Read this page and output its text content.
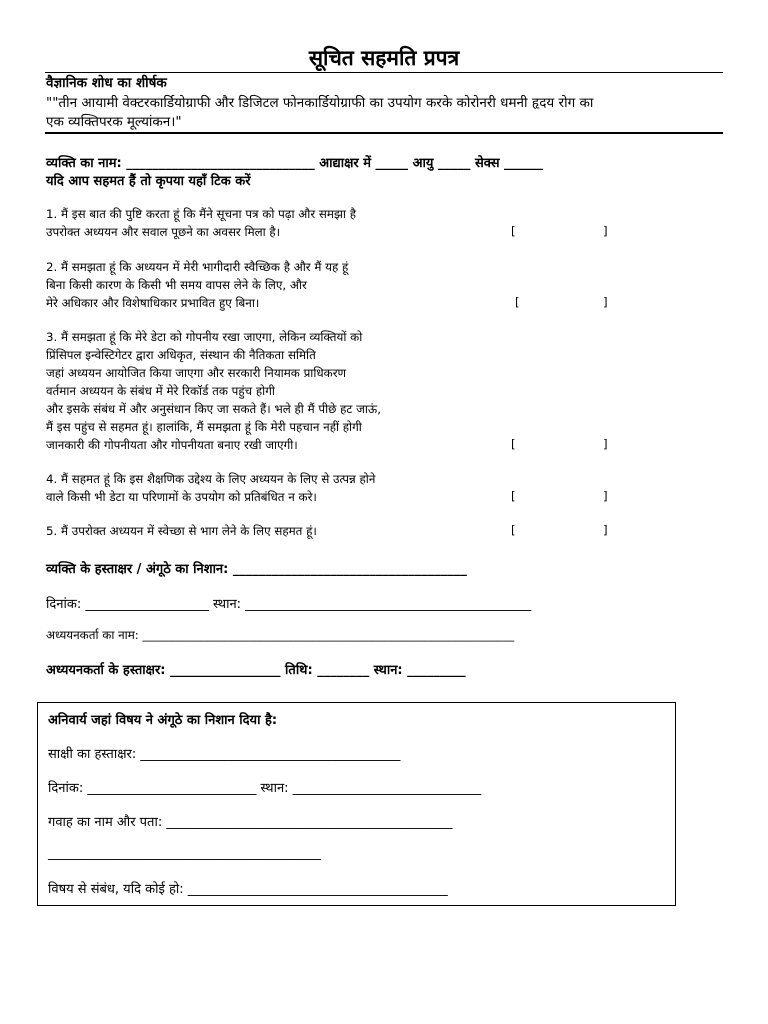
सूचित सहमति प्रपत्र
वैज्ञानिक शोध का शीर्षक
""तीन आयामी वेक्टरकार्डियोग्राफी और डिजिटल फोनकार्डियोग्राफी का उपयोग करके कोरोनरी धमनी हृदय रोग का
एक व्यक्तिपरक मूल्यांकन।"
व्यक्ति का नाम: _____________________________ आद्याक्षर में _____ आयु _____ सेक्स ______
यदि आप सहमत हैं तो कृपया यहाँ टिक करें
1. मैं इस बात की पुष्टि करता हूं कि मैंने सूचना पत्र को पढ़ा और समझा है
उपरोक्त अध्ययन और सवाल पूछने का अवसर मिला है।	[	]
2. मैं समझता हूं कि अध्ययन में मेरी भागीदारी स्वैच्छिक है और मैं यह हूं
बिना किसी कारण के किसी भी समय वापस लेने के लिए, और
मेरे अधिकार और विशेषाधिकार प्रभावित हुए बिना।	[	]
3. मैं समझता हूं कि मेरे डेटा को गोपनीय रखा जाएगा, लेकिन व्यक्तियों को
प्रिंसिपल इन्वेस्टिगेटर द्वारा अधिकृत, संस्थान की नैतिकता समिति
जहां अध्ययन आयोजित किया जाएगा और सरकारी नियामक प्राधिकरण
वर्तमान अध्ययन के संबंध में मेरे रिकॉर्ड तक पहुंच होगी
और इसके संबंध में और अनुसंधान किए जा सकते हैं। भले ही मैं पीछे हट जाऊं,
मैं इस पहुंच से सहमत हूं। हालांकि, मैं समझता हूं कि मेरी पहचान नहीं होगी
जानकारी की गोपनीयता और गोपनीयता बनाए रखी जाएगी।	[	]
4. मैं सहमत हूं कि इस शैक्षणिक उद्देश्य के लिए अध्ययन के लिए से उत्पन्न होने
वाले किसी भी डेटा या परिणामों के उपयोग को प्रतिबंधित न करे।	[	]
5. मैं उपरोक्त अध्ययन में स्वेच्छा से भाग लेने के लिए सहमत हूं।	[	]
व्यक्ति के हस्ताक्षर / अंगूठे का निशान: ____________________________________
दिनांक: ___________________ स्थान: ____________________________________________
अध्ययनकर्ता का नाम: _______________________________________________________________
अध्ययनकर्ता के हस्ताक्षर: _________________ तिथि: ________ स्थान: _________
अनिवार्य जहां विषय ने अंगूठे का निशान दिया है:
साक्षी का हस्ताक्षर: ________________________________________
दिनांक: __________________________ स्थान: _____________________________
गवाह का नाम और पता: ____________________________________________
__________________________________________
विषय से संबंध, यदि कोई हो: ________________________________________
